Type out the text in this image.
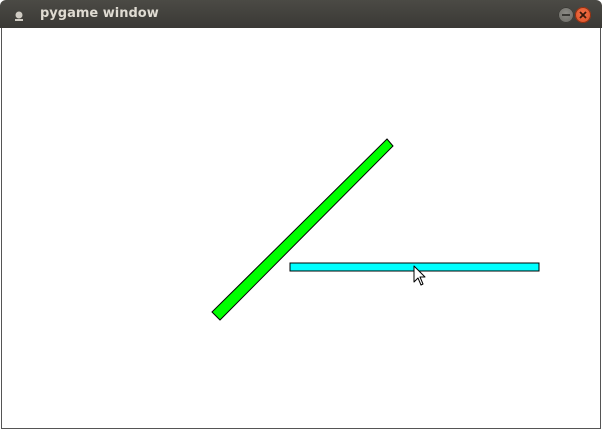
pygame window
